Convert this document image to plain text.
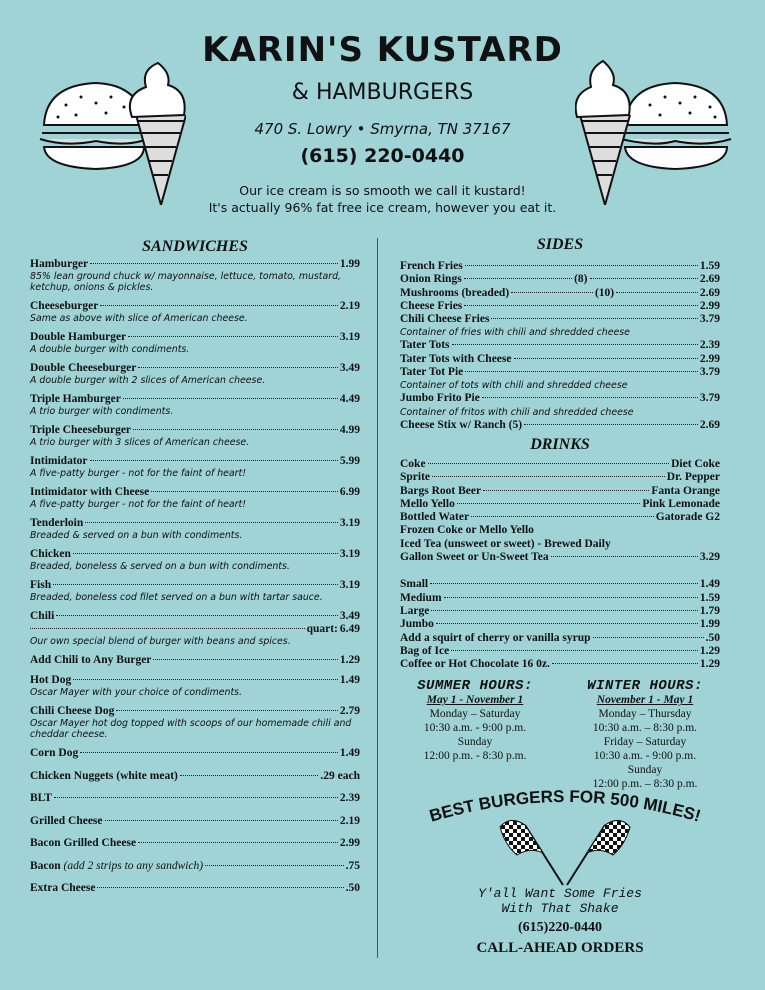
KARIN'S KUSTARD
& HAMBURGERS
470 S. Lowry • Smyrna, TN 37167
(615) 220-0440
Our ice cream is so smooth we call it kustard!
It's actually 96% fat free ice cream, however you eat it.
SANDWICHES
Hamburger	1.99
85% lean ground chuck w/ mayonnaise, lettuce, tomato, mustard, ketchup, onions & pickles.
Cheeseburger	2.19
Same as above with slice of American cheese.
Double Hamburger	3.19
A double burger with condiments.
Double Cheeseburger	3.49
A double burger with 2 slices of American cheese.
Triple Hamburger	4.49
A trio burger with condiments.
Triple Cheeseburger	4.99
A trio burger with 3 slices of American cheese.
Intimidator	5.99
A five-patty burger - not for the faint of heart!
Intimidator with Cheese	6.99
A five-patty burger - not for the faint of heart!
Tenderloin	3.19
Breaded & served on a bun with condiments.
Chicken	3.19
Breaded, boneless & served on a bun with condiments.
Fish	3.19
Breaded, boneless cod filet served on a bun with tartar sauce.
Chili	3.49
quart: 6.49
Our own special blend of burger with beans and spices.
Add Chili to Any Burger	1.29
Hot Dog	1.49
Oscar Mayer with your choice of condiments.
Chili Cheese Dog	2.79
Oscar Mayer hot dog topped with scoops of our homemade chili and cheddar cheese.
Corn Dog	1.49
Chicken Nuggets (white meat)	.29 each
BLT	2.39
Grilled Cheese	2.19
Bacon Grilled Cheese	2.99
Bacon (add 2 strips to any sandwich)	.75
Extra Cheese	.50
SIDES
French Fries	1.59
Onion Rings	(8)	2.69
Mushrooms (breaded)	(10)	2.69
Cheese Fries	2.99
Chili Cheese Fries	3.79
Container of fries with chili and shredded cheese
Tater Tots	2.39
Tater Tots with Cheese	2.99
Tater Tot Pie	3.79
Container of tots with chili and shredded cheese
Jumbo Frito Pie	3.79
Container of fritos with chili and shredded cheese
Cheese Stix w/ Ranch (5)	2.69
DRINKS
Coke	Diet Coke
Sprite	Dr. Pepper
Bargs Root Beer	Fanta Orange
Mello Yello	Pink Lemonade
Bottled Water	Gatorade G2
Frozen Coke or Mello Yello
Iced Tea (unsweet or sweet) - Brewed Daily
Gallon Sweet or Un-Sweet Tea	3.29
Small	1.49
Medium	1.59
Large	1.79
Jumbo	1.99
Add a squirt of cherry or vanilla syrup	.50
Bag of Ice	1.29
Coffee or Hot Chocolate 16 0z.	1.29
SUMMER HOURS:
May 1 - November 1
Monday – Saturday
10:30 a.m. - 9:00 p.m.
Sunday
12:00 p.m. - 8:30 p.m.
WINTER HOURS:
November 1 - May 1
Monday – Thursday
10:30 a.m. – 8:30 p.m.
Friday – Saturday
10:30 a.m. - 9:00 p.m.
Sunday
12:00 p.m. – 8:30 p.m.
BEST BURGERS FOR 500 MILES!
Y'all Want Some Fries
With That Shake
(615)220-0440
CALL-AHEAD ORDERS
